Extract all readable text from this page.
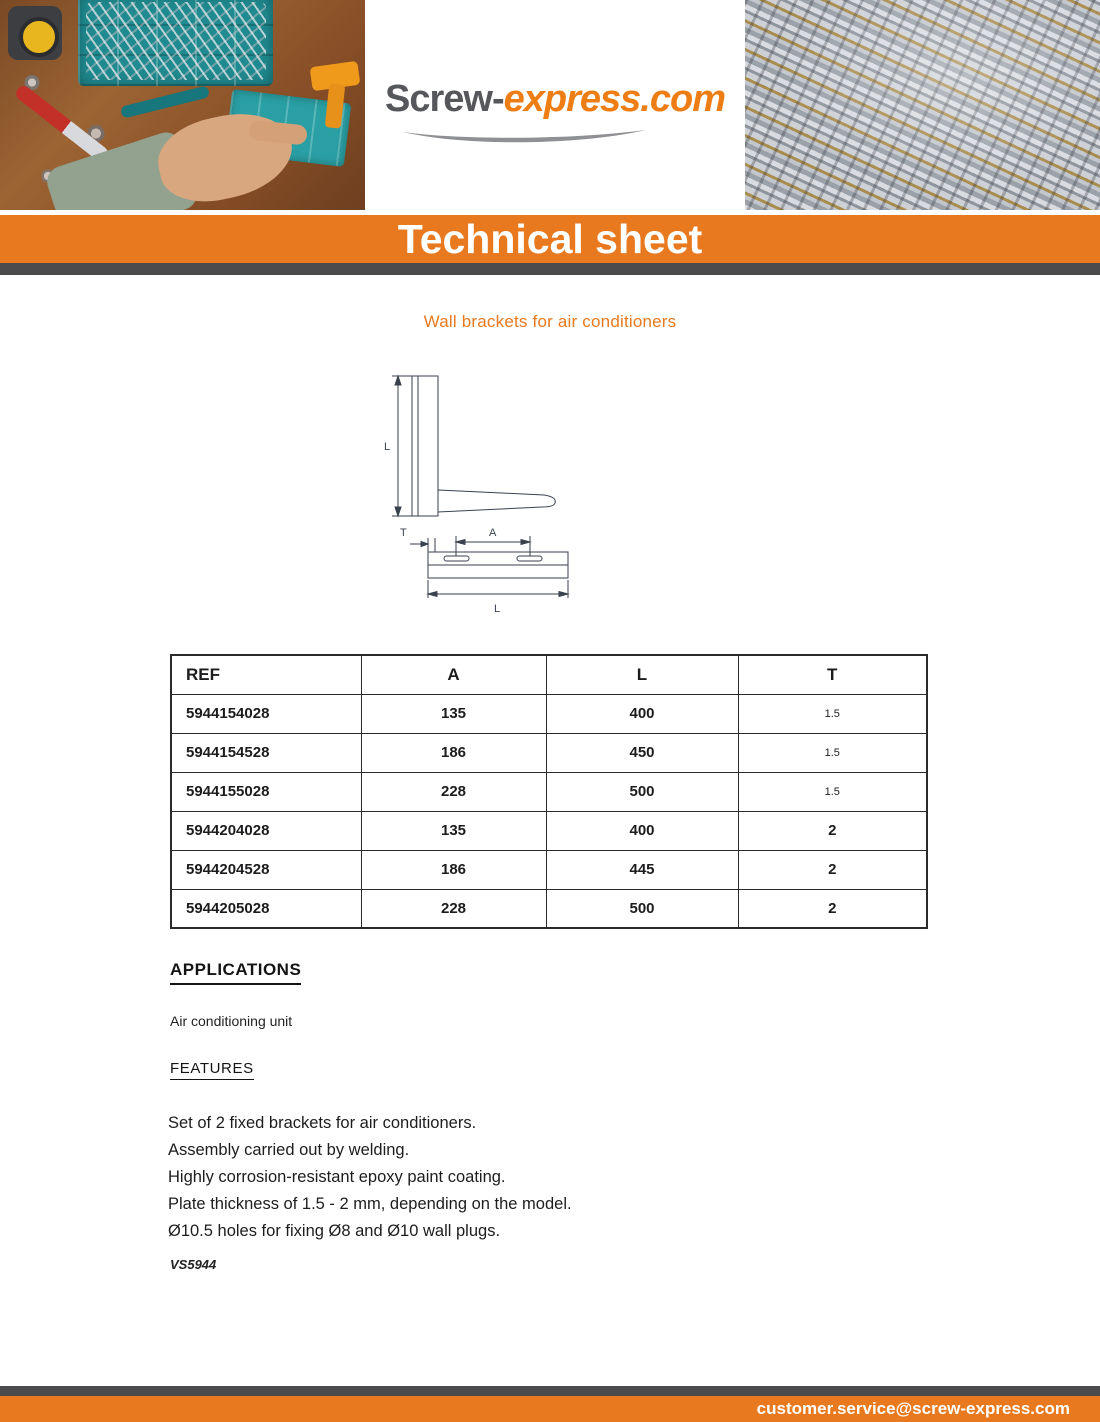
Screw-express.com
Technical sheet
Wall brackets for air conditioners
L
T	A
L
REF	A	L	T
5944154028	135	400	1.5
5944154528	186	450	1.5
5944155028	228	500	1.5
5944204028	135	400	2
5944204528	186	445	2
5944205028	228	500	2
APPLICATIONS
Air conditioning unit
FEATURES
Set of 2 fixed brackets for air conditioners.
Assembly carried out by welding.
Highly corrosion-resistant epoxy paint coating.
Plate thickness of 1.5 - 2 mm, depending on the model.
Ø10.5 holes for fixing Ø8 and Ø10 wall plugs.
VS5944
customer.service@screw-express.com
